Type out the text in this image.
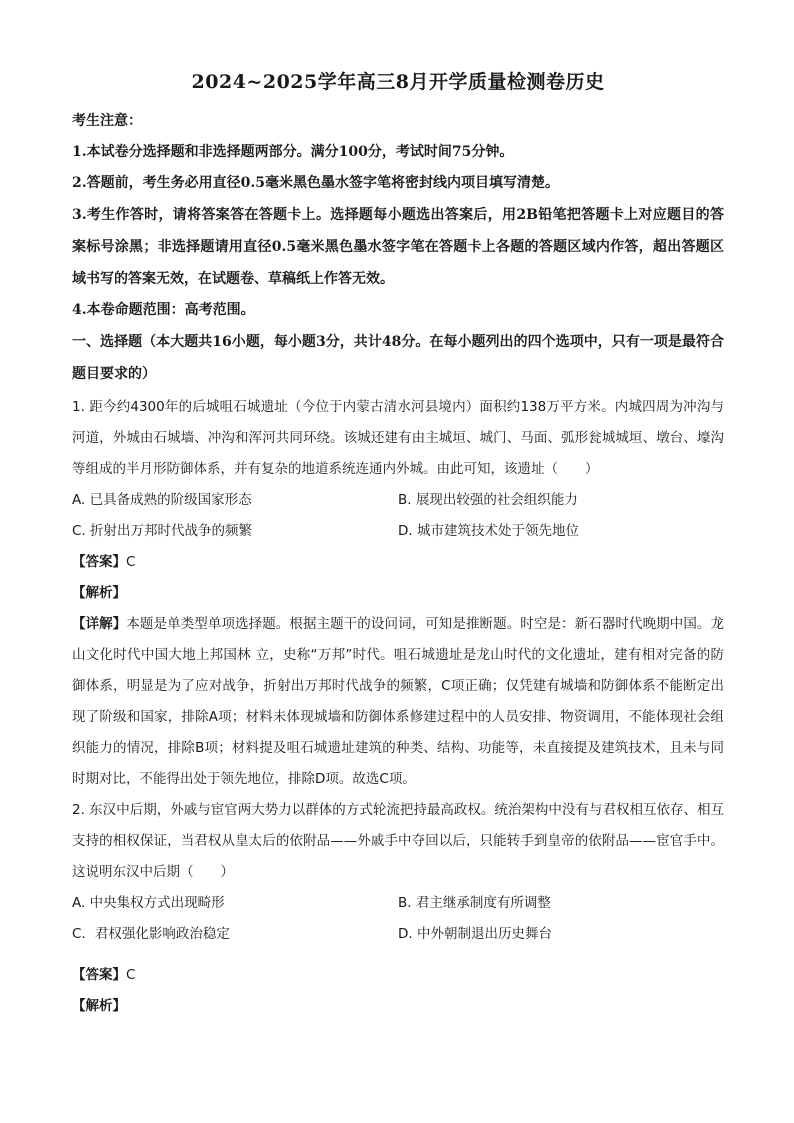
2024~2025学年高三8月开学质量检测卷历史

考生注意：

1.本试卷分选择题和非选择题两部分。满分100分，考试时间75分钟。

2.答题前，考生务必用直径0.5毫米黑色墨水签字笔将密封线内项目填写清楚。

3.考生作答时，请将答案答在答题卡上。选择题每小题选出答案后，用2B铅笔把答题卡上对应题目的答案标号涂黑；非选择题请用直径0.5毫米黑色墨水签字笔在答题卡上各题的答题区域内作答，超出答题区域书写的答案无效，在试题卷、草稿纸上作答无效。

4.本卷命题范围：高考范围。

一、选择题（本大题共16小题，每小题3分，共计48分。在每小题列出的四个选项中，只有一项是最符合题目要求的）

1. 距今约4300年的后城咀石城遗址（今位于内蒙古清水河县境内）面积约138万平方米。内城四周为冲沟与河道，外城由石城墙、冲沟和浑河共同环绕。该城还建有由主城垣、城门、马面、弧形瓮城城垣、墩台、壕沟等组成的半月形防御体系，并有复杂的地道系统连通内外城。由此可知，该遗址（　　）

A. 已具备成熟的阶级国家形态	B. 展现出较强的社会组织能力
C. 折射出万邦时代战争的频繁	D. 城市建筑技术处于领先地位
【答案】C
【解析】

【详解】本题是单类型单项选择题。根据主题干的设问词，可知是推断题。时空是：新石器时代晚期中国。龙山文化时代中国大地上邦国林 立，史称“万邦”时代。咀石城遗址是龙山时代的文化遗址，建有相对完备的防御体系，明显是为了应对战争，折射出万邦时代战争的频繁，C项正确；仅凭建有城墙和防御体系不能断定出现了阶级和国家，排除A项；材料未体现城墙和防御体系修建过程中的人员安排、物资调用，不能体现社会组织能力的情况，排除B项；材料提及咀石城遗址建筑的种类、结构、功能等，未直接提及建筑技术，且未与同时期对比，不能得出处于领先地位，排除D项。故选C项。

2. 东汉中后期，外戚与宦官两大势力以群体的方式轮流把持最高政权。统治架构中没有与君权相互依存、相互支持的相权保证，当君权从皇太后的依附品——外戚手中夺回以后，只能转手到皇帝的依附品——宦官手中。这说明东汉中后期（　　）

A. 中央集权方式出现畸形	B. 君主继承制度有所调整
C．君权强化影响政治稳定	D. 中外朝制退出历史舞台
【答案】C
【解析】
